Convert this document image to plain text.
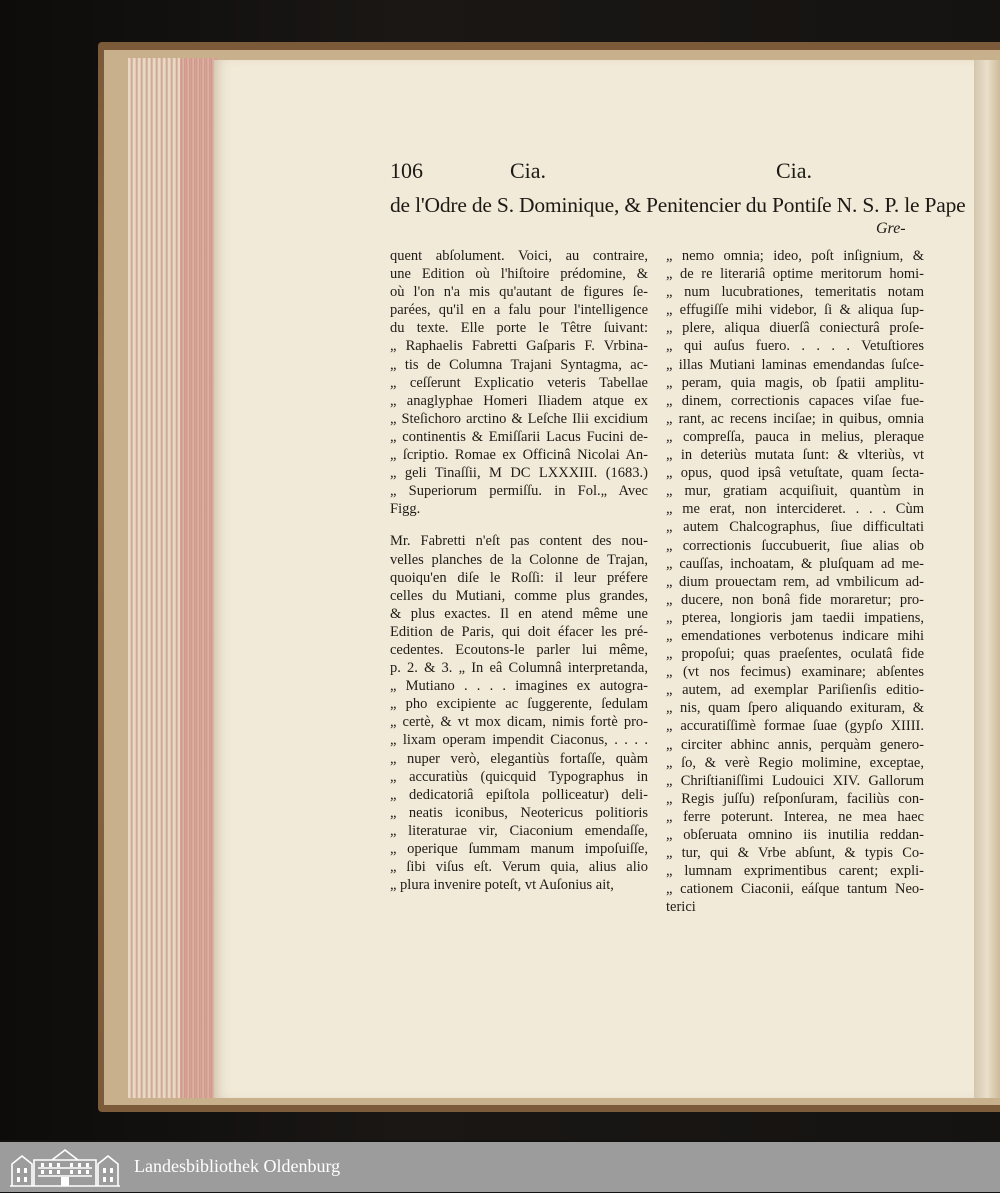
106	Cia.	Cia.
de l'Odre de S. Dominique, & Penitencier du Pontiſe N. S. P. le Pape
Gre-
quent abſolument. Voici, au contraire,
une Edition où l'hiſtoire prédomine, &
où l'on n'a mis qu'autant de figures ſe-
parées, qu'il en a falu pour l'intelligence
du texte. Elle porte le Têtre ſuivant:
„ Raphaelis Fabretti Gaſparis F. Vrbina-
„ tis de Columna Trajani Syntagma, ac-
„ ceſſerunt Explicatio veteris Tabellae
„ anaglyphae Homeri Iliadem atque ex
„ Steſichoro arctino & Leſche Ilii excidium
„ continentis & Emiſſarii Lacus Fucini de-
„ ſcriptio. Romae ex Officinâ Nicolai An-
„ geli Tinaſſii, M DC LXXXIII. (1683.)
„ Superiorum permiſſu. in Fol.„ Avec
Figg.
Mr. Fabretti n'eſt pas content des nou-
velles planches de la Colonne de Trajan,
quoiqu'en diſe le Roſſi: il leur préfere
celles du Mutiani, comme plus grandes,
& plus exactes. Il en atend même une
Edition de Paris, qui doit éfacer les pré-
cedentes. Ecoutons-le parler lui même,
p. 2. & 3. „ In eâ Columnâ interpretanda,
„ Mutiano . . . . imagines ex autogra-
„ pho excipiente ac ſuggerente, ſedulam
„ certè, & vt mox dicam, nimis fortè pro-
„ lixam operam impendit Ciaconus, . . . .
„ nuper verò, elegantiùs fortaſſe, quàm
„ accuratiùs (quicquid Typographus in
„ dedicatoriâ epiſtola polliceatur) deli-
„ neatis iconibus, Neotericus politioris
„ literaturae vir, Ciaconium emendaſſe,
„ operique ſummam manum impoſuiſſe,
„ ſibi viſus eſt. Verum quia, alius alio
„ plura invenire poteſt, vt Auſonius ait,
„ nemo omnia; ideo, poſt inſignium, &
„ de re literariâ optime meritorum homi-
„ num lucubrationes, temeritatis notam
„ effugiſſe mihi videbor, ſi & aliqua ſup-
„ plere, aliqua diuerſâ coniecturâ proſe-
„ qui auſus fuero. . . . . Vetuſtiores
„ illas Mutiani laminas emendandas ſuſce-
„ peram, quia magis, ob ſpatii amplitu-
„ dinem, correctionis capaces viſae fue-
„ rant, ac recens inciſae; in quibus, omnia
„ compreſſa, pauca in melius, pleraque
„ in deteriùs mutata ſunt: & vlteriùs, vt
„ opus, quod ipsâ vetuſtate, quam ſecta-
„ mur, gratiam acquiſiuit, quantùm in
„ me erat, non intercideret. . . . Cùm
„ autem Chalcographus, ſiue difficultati
„ correctionis ſuccubuerit, ſiue alias ob
„ cauſſas, inchoatam, & pluſquam ad me-
„ dium prouectam rem, ad vmbilicum ad-
„ ducere, non bonâ fide moraretur; pro-
„ pterea, longioris jam taedii impatiens,
„ emendationes verbotenus indicare mihi
„ propoſui; quas praeſentes, oculatâ fide
„ (vt nos fecimus) examinare; abſentes
„ autem, ad exemplar Pariſienſis editio-
„ nis, quam ſpero aliquando exituram, &
„ accuratiſſimè formae ſuae (gypſo XIIII.
„ circiter abhinc annis, perquàm genero-
„ ſo, & verè Regio molimine, exceptae,
„ Chriſtianiſſimi Ludouici XIV. Gallorum
„ Regis juſſu) reſponſuram, faciliùs con-
„ ferre poterunt. Interea, ne mea haec
„ obſeruata omnino iis inutilia reddan-
„ tur, qui & Vrbe abſunt, & typis Co-
„ lumnam exprimentibus carent; expli-
„ cationem Ciaconii, eáſque tantum Neo-
terici
Landesbibliothek Oldenburg
